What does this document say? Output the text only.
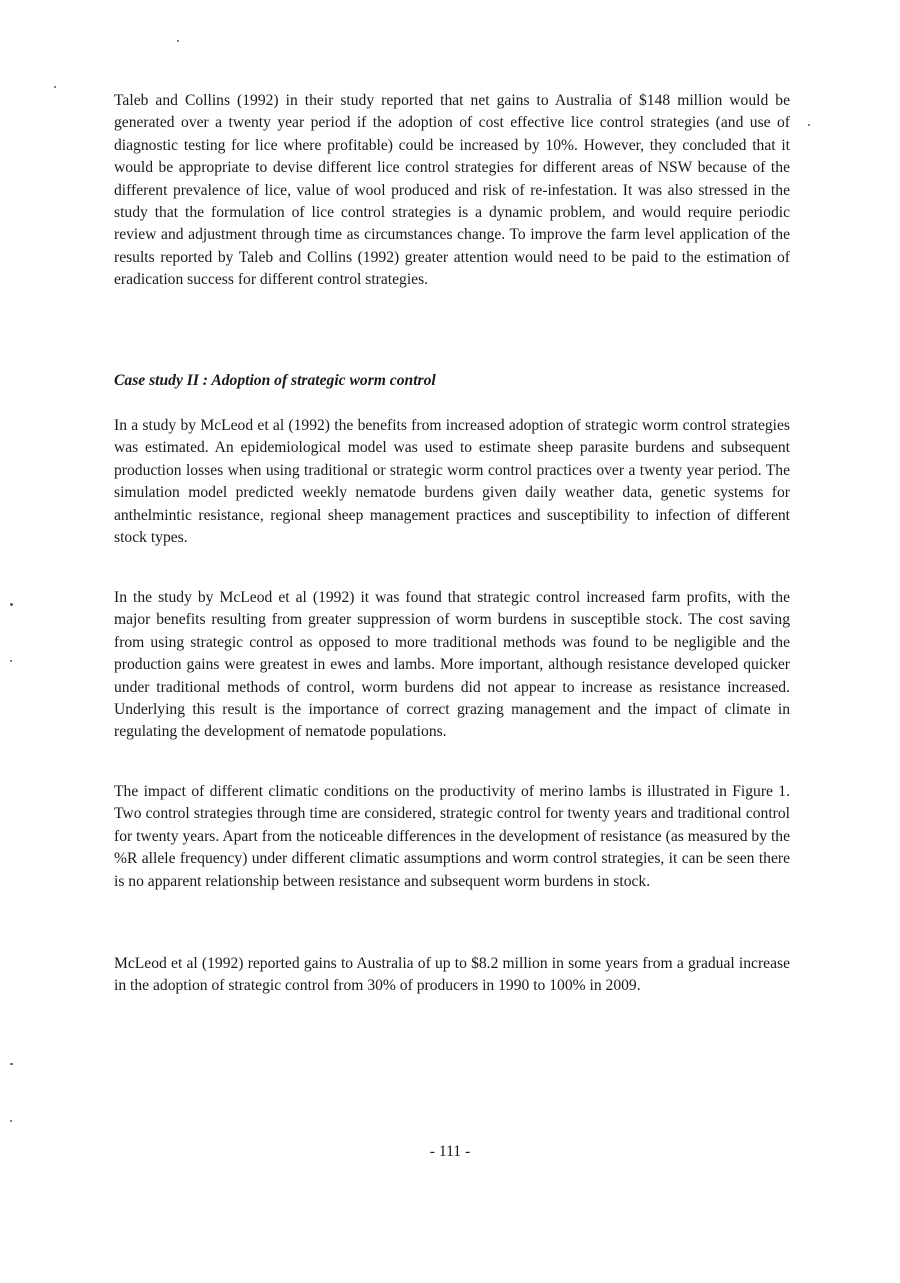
Taleb and Collins (1992) in their study reported that net gains to Australia of $148 million would be generated over a twenty year period if the adoption of cost effective lice control strategies (and use of diagnostic testing for lice where profitable) could be increased by 10%. However, they concluded that it would be appropriate to devise different lice control strategies for different areas of NSW because of the different prevalence of lice, value of wool produced and risk of re-infestation. It was also stressed in the study that the formulation of lice control strategies is a dynamic problem, and would require periodic review and adjustment through time as circumstances change. To improve the farm level application of the results reported by Taleb and Collins (1992) greater attention would need to be paid to the estimation of eradication success for different control strategies.

Case study II : Adoption of strategic worm control

In a study by McLeod et al (1992) the benefits from increased adoption of strategic worm control strategies was estimated. An epidemiological model was used to estimate sheep parasite burdens and subsequent production losses when using traditional or strategic worm control practices over a twenty year period. The simulation model predicted weekly nematode burdens given daily weather data, genetic systems for anthelmintic resistance, regional sheep management practices and susceptibility to infection of different stock types.

In the study by McLeod et al (1992) it was found that strategic control increased farm profits, with the major benefits resulting from greater suppression of worm burdens in susceptible stock. The cost saving from using strategic control as opposed to more traditional methods was found to be negligible and the production gains were greatest in ewes and lambs. More important, although resistance developed quicker under traditional methods of control, worm burdens did not appear to increase as resistance increased. Underlying this result is the importance of correct grazing management and the impact of climate in regulating the development of nematode populations.

The impact of different climatic conditions on the productivity of merino lambs is illustrated in Figure 1. Two control strategies through time are considered, strategic control for twenty years and traditional control for twenty years. Apart from the noticeable differences in the development of resistance (as measured by the %R allele frequency) under different climatic assumptions and worm control strategies, it can be seen there is no apparent relationship between resistance and subsequent worm burdens in stock.

McLeod et al (1992) reported gains to Australia of up to $8.2 million in some years from a gradual increase in the adoption of strategic control from 30% of producers in 1990 to 100% in 2009.

- 111 -
